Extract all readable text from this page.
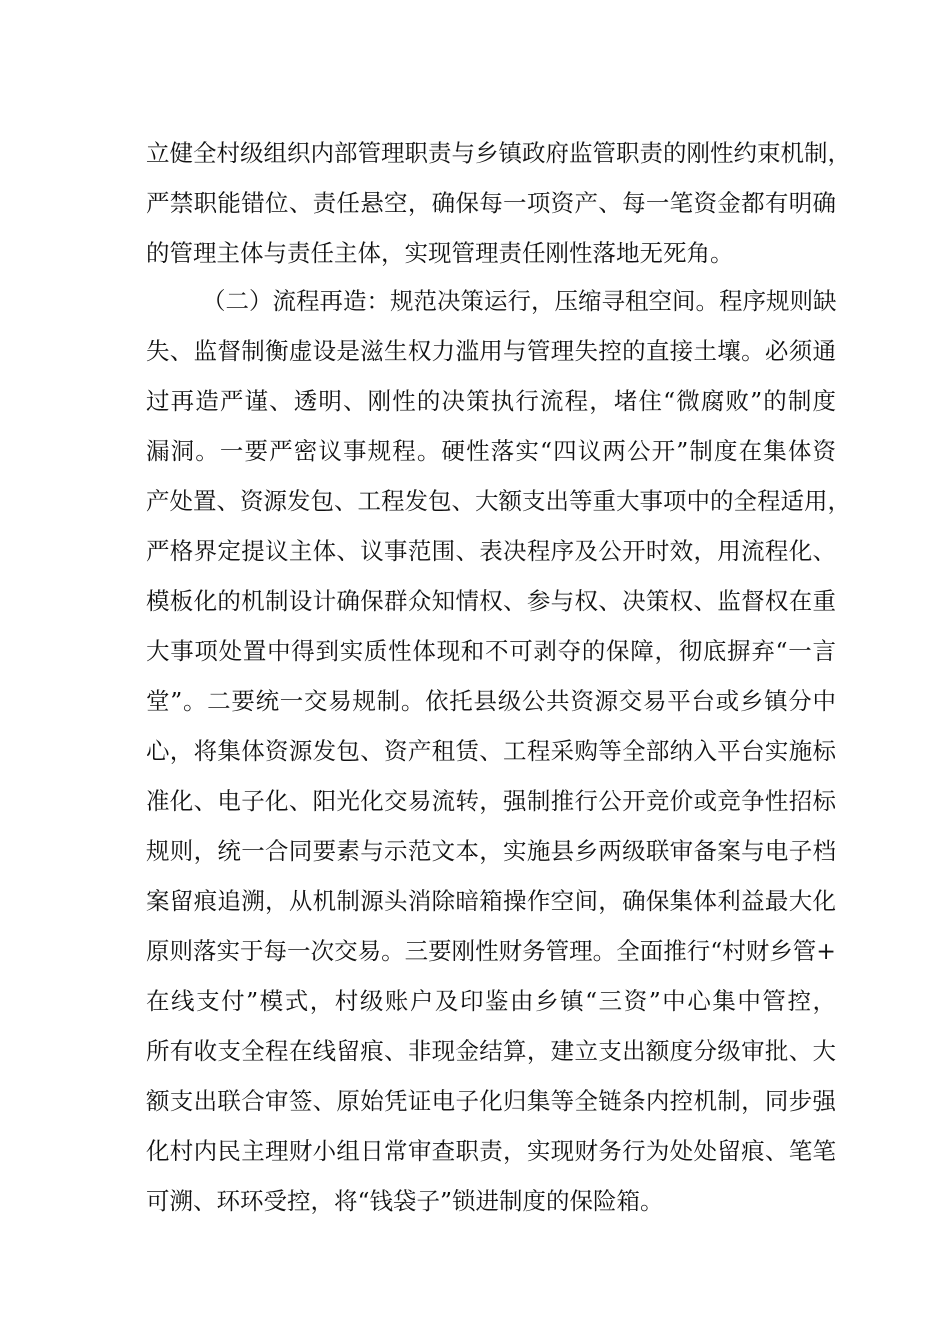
立健全村级组织内部管理职责与乡镇政府监管职责的刚性约束机制，
严禁职能错位、责任悬空，确保每一项资产、每一笔资金都有明确
的管理主体与责任主体，实现管理责任刚性落地无死角。
（二）流程再造：规范决策运行，压缩寻租空间。程序规则缺
失、监督制衡虚设是滋生权力滥用与管理失控的直接土壤。必须通
过再造严谨、透明、刚性的决策执行流程，堵住“微腐败”的制度
漏洞。一要严密议事规程。硬性落实“四议两公开”制度在集体资
产处置、资源发包、工程发包、大额支出等重大事项中的全程适用，
严格界定提议主体、议事范围、表决程序及公开时效，用流程化、
模板化的机制设计确保群众知情权、参与权、决策权、监督权在重
大事项处置中得到实质性体现和不可剥夺的保障，彻底摒弃“一言
堂”。二要统一交易规制。依托县级公共资源交易平台或乡镇分中
心，将集体资源发包、资产租赁、工程采购等全部纳入平台实施标
准化、电子化、阳光化交易流转，强制推行公开竞价或竞争性招标
规则，统一合同要素与示范文本，实施县乡两级联审备案与电子档
案留痕追溯，从机制源头消除暗箱操作空间，确保集体利益最大化
原则落实于每一次交易。三要刚性财务管理。全面推行“村财乡管+
在线支付”模式，村级账户及印鉴由乡镇“三资”中心集中管控，
所有收支全程在线留痕、非现金结算，建立支出额度分级审批、大
额支出联合审签、原始凭证电子化归集等全链条内控机制，同步强
化村内民主理财小组日常审查职责，实现财务行为处处留痕、笔笔
可溯、环环受控，将“钱袋子”锁进制度的保险箱。
